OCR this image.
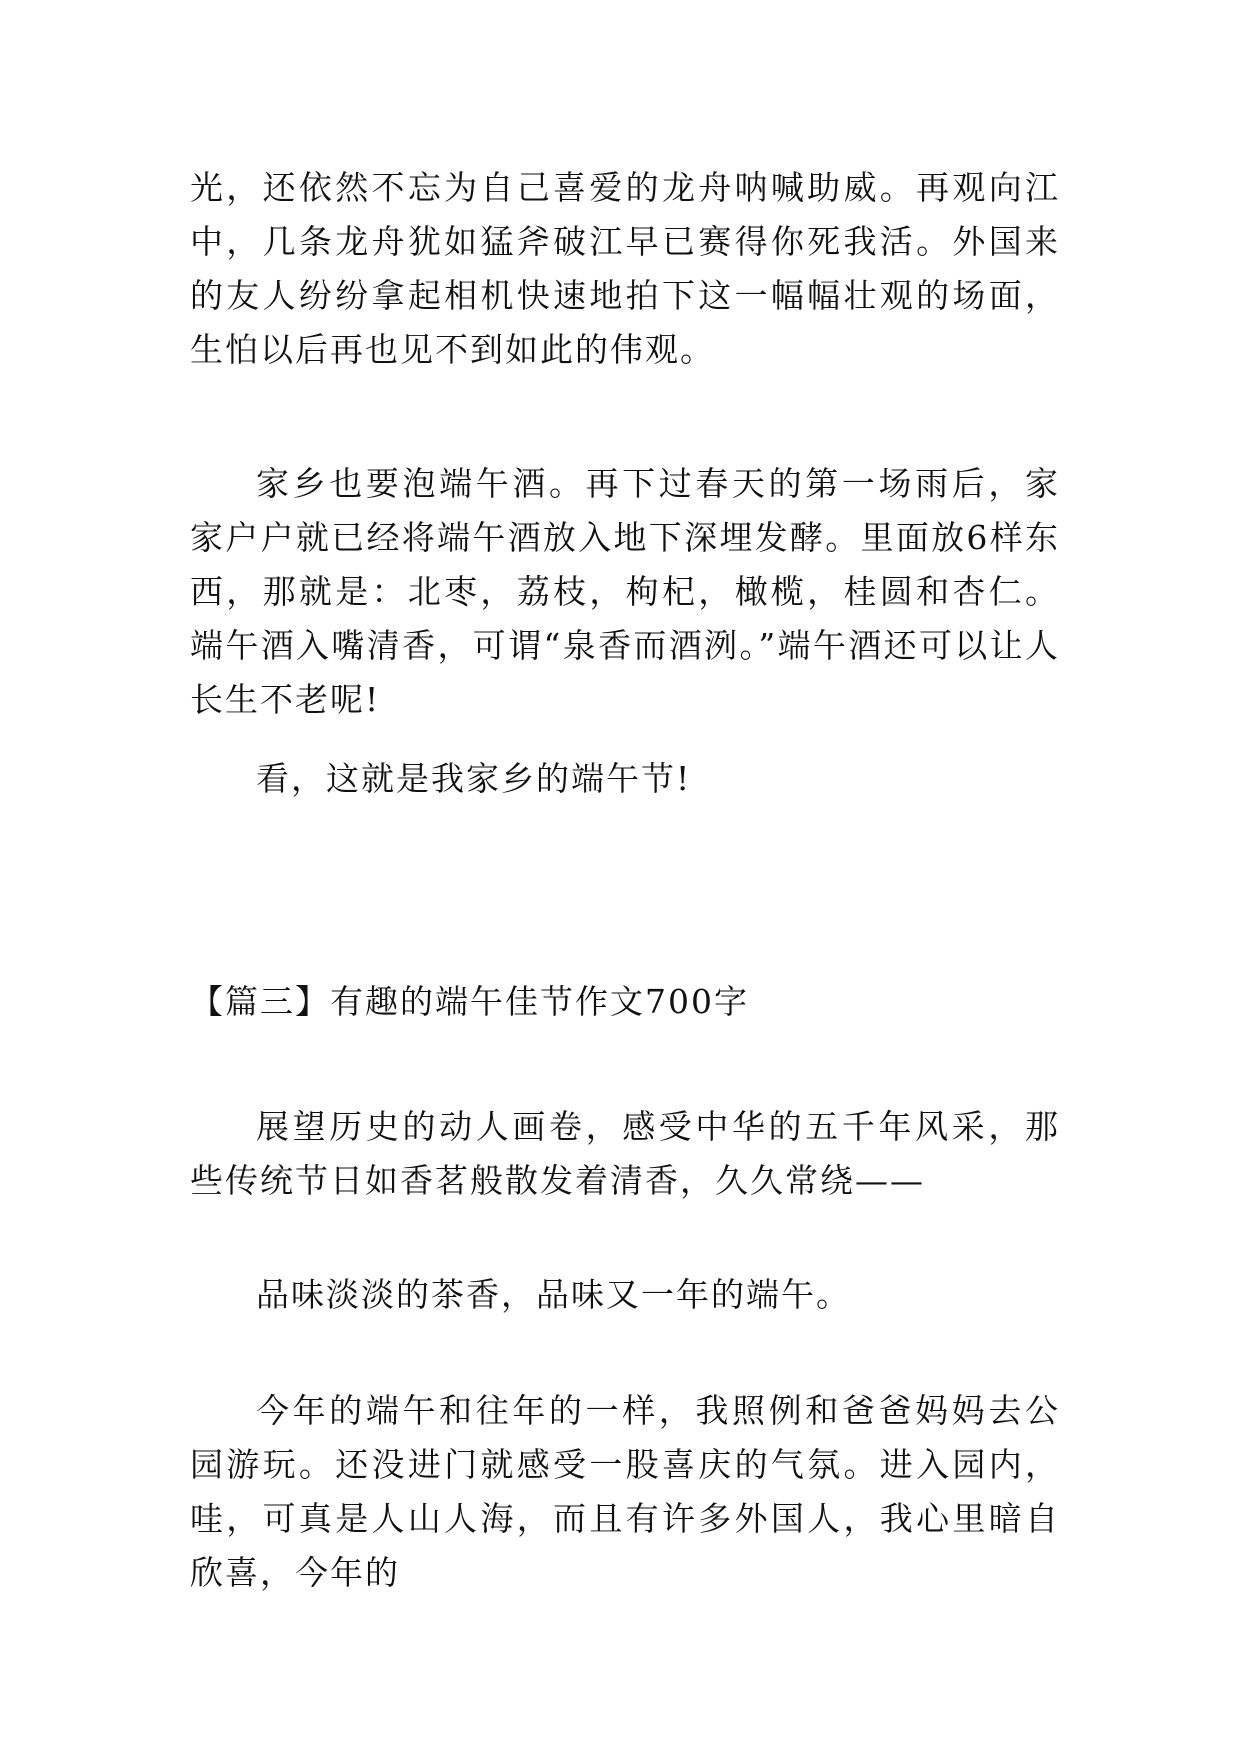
光，还依然不忘为自己喜爱的龙舟呐喊助威。再观向江中，几条龙舟犹如猛斧破江早已赛得你死我活。外国来的友人纷纷拿起相机快速地拍下这一幅幅壮观的场面，生怕以后再也见不到如此的伟观。

家乡也要泡端午酒。再下过春天的第一场雨后，家家户户就已经将端午酒放入地下深埋发酵。里面放6样东西，那就是：北枣，荔枝，枸杞，橄榄，桂圆和杏仁。端午酒入嘴清香，可谓“泉香而酒洌。”端午酒还可以让人长生不老呢!

看，这就是我家乡的端午节!

【篇三】有趣的端午佳节作文700字

展望历史的动人画卷，感受中华的五千年风采，那些传统节日如香茗般散发着清香，久久常绕——

品味淡淡的茶香，品味又一年的端午。

今年的端午和往年的一样，我照例和爸爸妈妈去公园游玩。还没进门就感受一股喜庆的气氛。进入园内，哇，可真是人山人海，而且有许多外国人，我心里暗自欣喜，今年的
